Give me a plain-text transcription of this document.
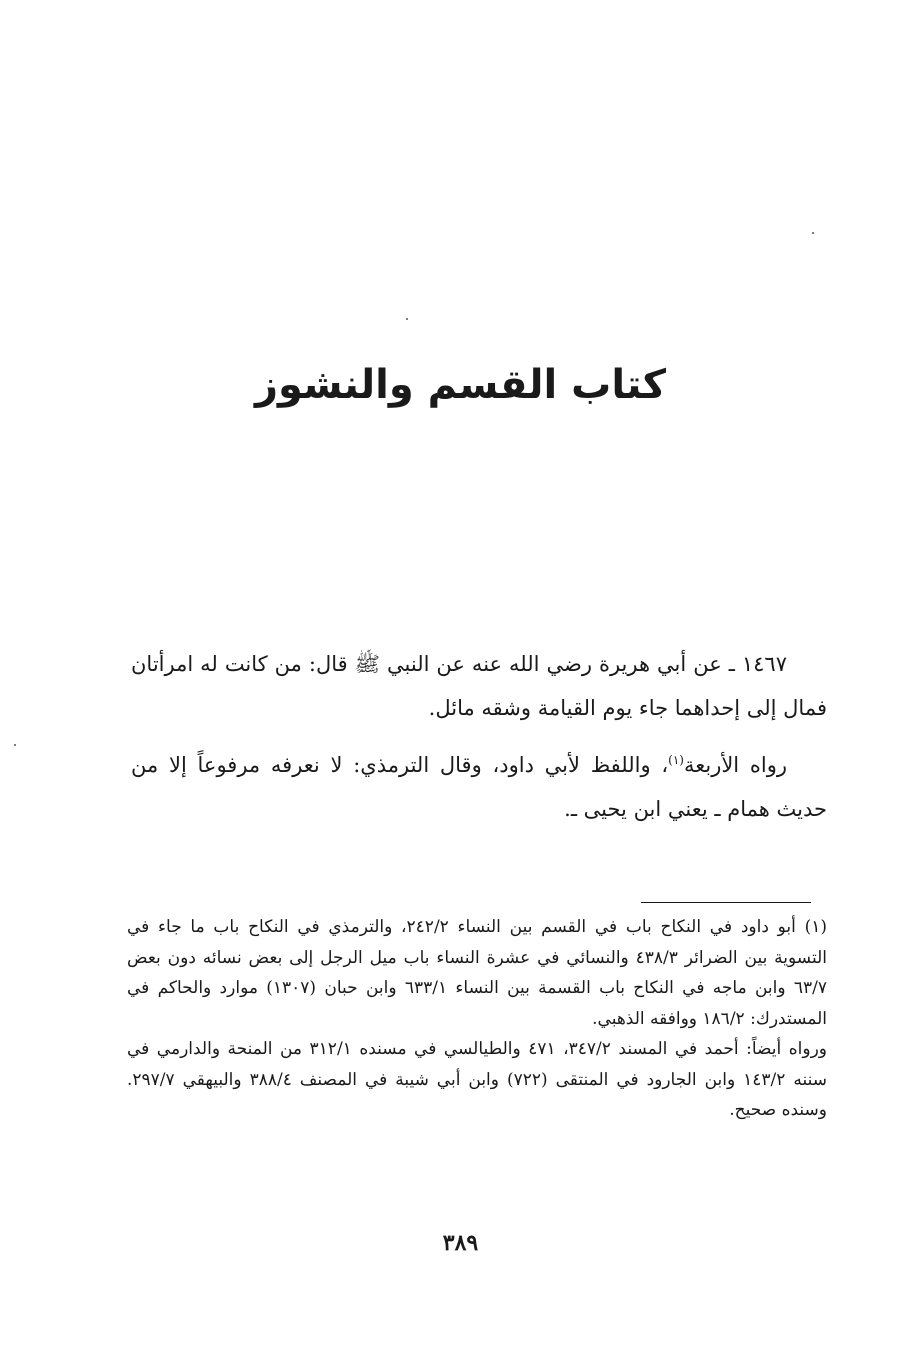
كتاب القسم والنشوز

١٤٦٧ ـ عن أبي هريرة رضي الله عنه عن النبي ﷺ قال: من كانت له امرأتان فمال إلى إحداهما جاء يوم القيامة وشقه مائل.

رواه الأربعة$^{(١)}$، واللفظ لأبي داود، وقال الترمذي: لا نعرفه مرفوعاً إلا من حديث همام ـ يعني ابن يحيى ـ.

(١) أبو داود في النكاح باب في القسم بين النساء ٢٤٢/٢، والترمذي في النكاح باب ما جاء في التسوية بين الضرائر ٤٣٨/٣ والنسائي في عشرة النساء باب ميل الرجل إلى بعض نسائه دون بعض ٦٣/٧ وابن ماجه في النكاح باب القسمة بين النساء ٦٣٣/١ وابن حبان (١٣٠٧) موارد والحاكم في المستدرك: ١٨٦/٢ ووافقه الذهبي.

ورواه أيضاً: أحمد في المسند ٣٤٧/٢، ٤٧١ والطيالسي في مسنده ٣١٢/١ من المنحة والدارمي في سننه ١٤٣/٢ وابن الجارود في المنتقى (٧٢٢) وابن أبي شيبة في المصنف ٣٨٨/٤ والبيهقي ٢٩٧/٧. وسنده صحيح.

٣٨٩
